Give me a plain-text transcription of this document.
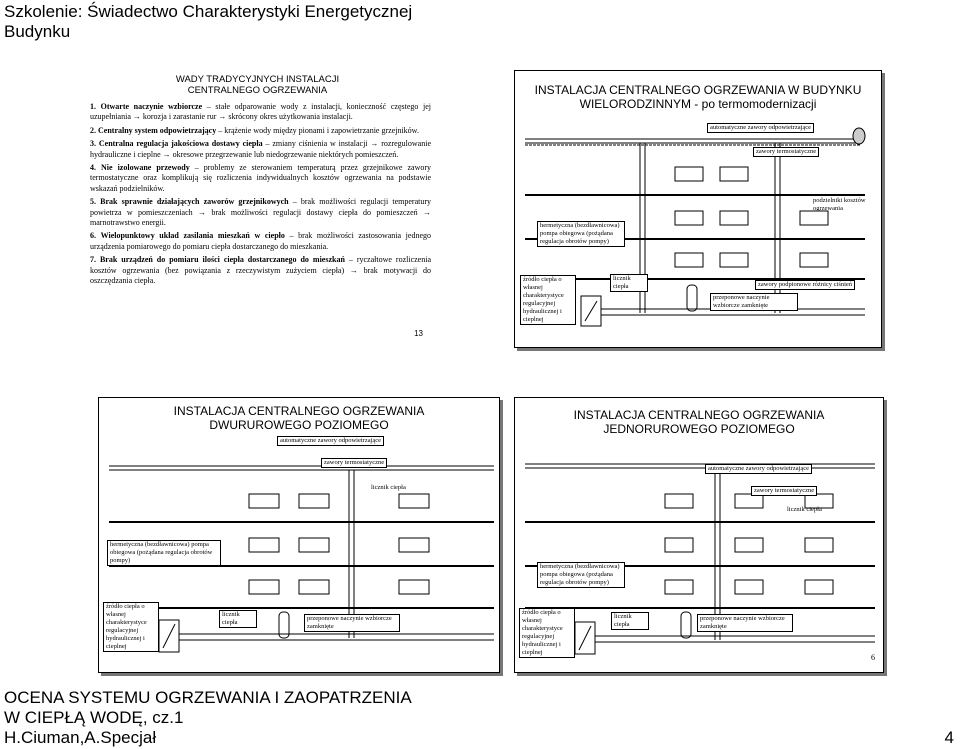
Szkolenie: Świadectwo Charakterystyki Energetycznej
Budynku
WADY TRADYCYJNYCH INSTALACJI
CENTRALNEGO OGRZEWANIA
1. Otwarte naczynie wzbiorcze – stałe odparowanie wody z instalacji, konieczność częstego jej uzupełniania → korozja i zarastanie rur → skrócony okres użytkowania instalacji.
2. Centralny system odpowietrzający – krążenie wody między pionami i zapowietrzanie grzejników.
3. Centralna regulacja jakościowa dostawy ciepła – zmiany ciśnienia w instalacji → rozregulowanie hydrauliczne i cieplne → okresowe przegrzewanie lub niedogrzewanie niektórych pomieszczeń.
4. Nie izolowane przewody – problemy ze sterowaniem temperaturą przez grzejnikowe zawory termostatyczne oraz komplikują się rozliczenia indywidualnych kosztów ogrzewania na podstawie wskazań podzielników.
5. Brak sprawnie działających zaworów grzejnikowych – brak możliwości regulacji temperatury powietrza w pomieszczeniach → brak możliwości regulacji dostawy ciepła do pomieszczeń → marnotrawstwo energii.
6. Wielopunktowy układ zasilania mieszkań w ciepło – brak możliwości zastosowania jednego urządzenia pomiarowego do pomiaru ciepła dostarczanego do mieszkania.
7. Brak urządzeń do pomiaru ilości ciepła dostarczanego do mieszkań – ryczałtowe rozliczenia kosztów ogrzewania (bez powiązania z rzeczywistym zużyciem ciepła) → brak motywacji do oszczędzania ciepła.
13
INSTALACJA CENTRALNEGO OGRZEWANIA W BUDYNKU
WIELORODZINNYM - po termomodernizacji
automatyczne zawory odpowietrzające
zawory termostatyczne
podzielniki kosztów ogrzewania
hermetyczna (bezdławnicowa) pompa obiegowa (pożądana regulacja obrotów pompy)
źródło ciepła o własnej charakterystyce regulacyjnej hydraulicznej i cieplnej
licznik ciepła	zawory podpionowe różnicy ciśnień
przeponowe naczynie wzbiorcze zamknięte
INSTALACJA CENTRALNEGO OGRZEWANIA
DWURUROWEGO POZIOMEGO
automatyczne zawory odpowietrzające
zawory termostatyczne
licznik ciepła
hermetyczna (bezdławnicowa) pompa obiegowa (pożądana regulacja obrotów pompy)
źródło ciepła o własnej charakterystyce regulacyjnej hydraulicznej i cieplnej
licznik ciepła
przeponowe naczynie wzbiorcze zamknięte
INSTALACJA CENTRALNEGO OGRZEWANIA
JEDNORUROWEGO POZIOMEGO
automatyczne zawory odpowietrzające
zawory termostatyczne
licznik ciepła
hermetyczna (bezdławnicowa) pompa obiegowa (pożądana regulacja obrotów pompy)
źródło ciepła o własnej charakterystyce regulacyjnej hydraulicznej i cieplnej
licznik ciepła
przeponowe naczynie wzbiorcze zamknięte
6
OCENA SYSTEMU OGRZEWANIA I ZAOPATRZENIA
W CIEPŁĄ WODĘ, cz.1
H.Ciuman,A.Specjał	4
